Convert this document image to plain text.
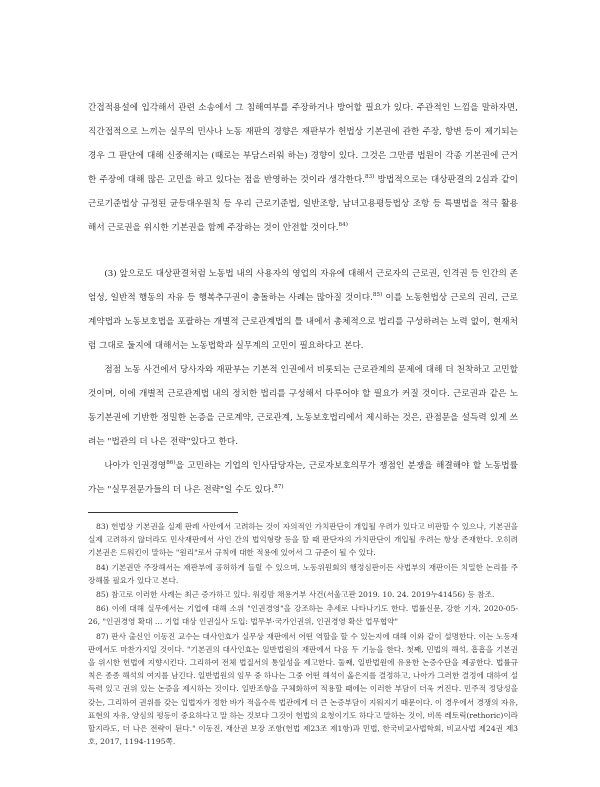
간접적용설에 입각해서 관련 소송에서 그 침해여부를 주장하거나 방어할 필요가 있다. 주관적인 느낌을 말하자면, 직간접적으로 느끼는 실무의 민사나 노동 재판의 경향은 재판부가 헌법상 기본권에 관한 주장, 항변 등이 제기되는 경우 그 판단에 대해 신중해지는 (때로는 부담스러워 하는) 경향이 있다. 그것은 그만큼 법원이 각종 기본권에 근거한 주장에 대해 많은 고민을 하고 있다는 점을 반영하는 것이라 생각한다.$^{83)}$ 방법적으로는 대상판결의 2심과 같이 근로기준법상 규정된 균등대우원칙 등 우리 근로기준법, 일반조항, 남녀고용평등법상 조항 등 특별법을 적극 활용해서 근로권을 위시한 기본권을 함께 주장하는 것이 안전할 것이다.$^{84)}$

(3) 앞으로도 대상판결처럼 노동법 내의 사용자의 영업의 자유에 대해서 근로자의 근로권, 인격권 등 인간의 존엄성, 일반적 행동의 자유 등 행복추구권이 충돌하는 사례는 많아질 것이다.$^{85)}$ 이를 노동헌법상 근로의 권리, 근로계약법과 노동보호법을 포괄하는 개별적 근로관계법의 틀 내에서 총체적으로 법리를 구성하려는 노력 없이, 현재처럼 그대로 둘지에 대해서는 노동법학과 실무계의 고민이 필요하다고 본다.

점점 노동 사건에서 당사자와 재판부는 기본적 인권에서 비롯되는 근로관계의 문제에 대해 더 천착하고 고민할 것이며, 이에 개별적 근로관계법 내의 정치한 법리를 구성해서 다루어야 할 필요가 커질 것이다. 근로권과 같은 노동기본권에 기반한 정밀한 논증을 근로계약, 근로관계, 노동보호법리에서 제시하는 것은, 관점문을 설득력 있게 쓰려는 "법관의 더 나은 전략"있다고 한다.

나아가 인권경영$^{86)}$을 고민하는 기업의 인사담당자는, 근로자보호의무가 쟁점인 분쟁을 해결해야 할 노동법률가는 "실무전문가들의 더 나은 전략"일 수도 있다.$^{87)}$

83) 헌법상 기본권을 실제 판례 사안에서 고려하는 것이 자의적인 가치판단이 개입될 우려가 있다고 비판할 수 있으나, 기본권을 실제 고려하지 않더라도 민사재판에서 사인 간의 법익형량 등을 할 때 판단자의 가치판단이 개입될 우려는 항상 존재한다. 오히려 기본권은 드워킨이 말하는 "원리"로서 규칙에 대한 적용에 있어서 그 규준이 될 수 있다.

84) 기본권만 주장해서는 재판부에 공허하게 들릴 수 있으며, 노동위원회의 행정심판이든 사법부의 재판이든 치밀한 논리를 주장해볼 필요가 있다고 본다.

85) 참고로 이러한 사례는 최근 증가하고 있다. 워킹맘 채용거부 사건(서울고판 2019. 10. 24. 2019누41456) 등 참조.

86) 이에 대해 실무에서는 기업에 대해 소위 "인권경영"을 강조하는 추세로 나타나기도 한다. 법률신문, 강한 기자, 2020-05-26, "인권경영 확대 … 기업 대상 인권실사 도입: 법무부·국가인권위, 인권경영 확산 업무협약"

87) 판사 출신인 이동진 교수는 대사인효가 실무상 재판에서 어떤 역할을 할 수 있는지에 대해 이와 같이 설명한다. 이는 노동재판에서도 마찬가지일 것이다. "기본권의 대사인효는 일반법원의 재판에서 다음 두 기능을 한다. 첫째, 민법의 해석, 흠흠을 기본권을 위시한 헌법에 지향시킨다. 그리하여 전체 법질서의 통일성을 제고한다. 둘째, 일반법원에 유용한 논증수단을 제공한다. 법률규칙은 종종 해석의 여지를 남긴다. 일반법원의 임무 중 하나는 그중 어떤 해석이 옳은지를 결정하고, 나아가 그러한 결정에 대하여 설득력 있고 권위 있는 논증을 제시하는 것이다. 일반조항을 구체화하여 적용할 때에는 이러한 부담이 더욱 커진다. 민주적 정당성을 갖는, 그리하여 권위를 갖는 입법자가 정한 바가 적을수록 법관에게 더 큰 논증부담이 지워지기 때문이다. 이 경우에서 경쟁의 자유, 표현의 자유, 양심의 평등이 중요하다고 말 하는 것보다 그것이 헌법의 요청이기도 하다고 말하는 것이, 비록 레토릭(rethoric)이라 할지라도, 더 나은 전략이 된다." 이동진, 재산권 보장 조항(헌법 제23조 제1항)과 민법, 한국비교사법학회, 비교사법 제24권 제3호, 2017, 1194-1195쪽.
